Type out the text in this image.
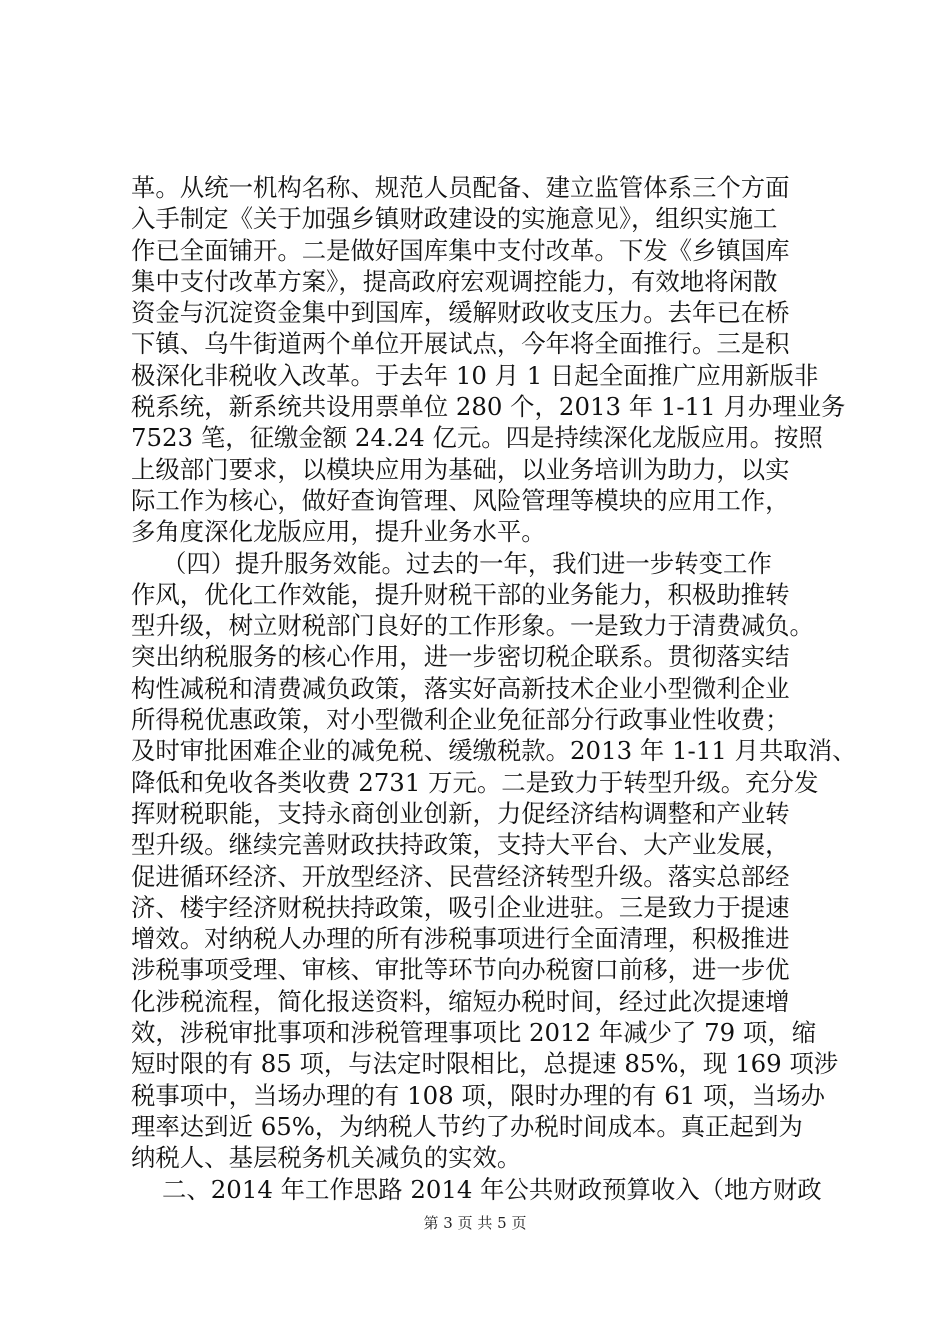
革。从统一机构名称、规范人员配备、建立监管体系三个方面
入手制定《关于加强乡镇财政建设的实施意见》，组织实施工
作已全面铺开。二是做好国库集中支付改革。下发《乡镇国库
集中支付改革方案》，提高政府宏观调控能力，有效地将闲散
资金与沉淀资金集中到国库，缓解财政收支压力。去年已在桥
下镇、乌牛街道两个单位开展试点，今年将全面推行。三是积
极深化非税收入改革。于去年 10 月 1 日起全面推广应用新版非
税系统，新系统共设用票单位 280 个，2013 年 1-11 月办理业务
7523 笔，征缴金额 24.24 亿元。四是持续深化龙版应用。按照
上级部门要求，以模块应用为基础，以业务培训为助力，以实
际工作为核心，做好查询管理、风险管理等模块的应用工作，
多角度深化龙版应用，提升业务水平。
（四）提升服务效能。过去的一年，我们进一步转变工作
作风，优化工作效能，提升财税干部的业务能力，积极助推转
型升级，树立财税部门良好的工作形象。一是致力于清费减负。
突出纳税服务的核心作用，进一步密切税企联系。贯彻落实结
构性减税和清费减负政策，落实好高新技术企业小型微利企业
所得税优惠政策，对小型微利企业免征部分行政事业性收费；
及时审批困难企业的减免税、缓缴税款。2013 年 1-11 月共取消、
降低和免收各类收费 2731 万元。二是致力于转型升级。充分发
挥财税职能，支持永商创业创新，力促经济结构调整和产业转
型升级。继续完善财政扶持政策，支持大平台、大产业发展，
促进循环经济、开放型经济、民营经济转型升级。落实总部经
济、楼宇经济财税扶持政策，吸引企业进驻。三是致力于提速
增效。对纳税人办理的所有涉税事项进行全面清理，积极推进
涉税事项受理、审核、审批等环节向办税窗口前移，进一步优
化涉税流程，简化报送资料，缩短办税时间，经过此次提速增
效，涉税审批事项和涉税管理事项比 2012 年减少了 79 项，缩
短时限的有 85 项，与法定时限相比，总提速 85%，现 169 项涉
税事项中，当场办理的有 108 项，限时办理的有 61 项，当场办
理率达到近 65%，为纳税人节约了办税时间成本。真正起到为
纳税人、基层税务机关减负的实效。
二、2014 年工作思路 2014 年公共财政预算收入（地方财政
第 3 页 共 5 页
